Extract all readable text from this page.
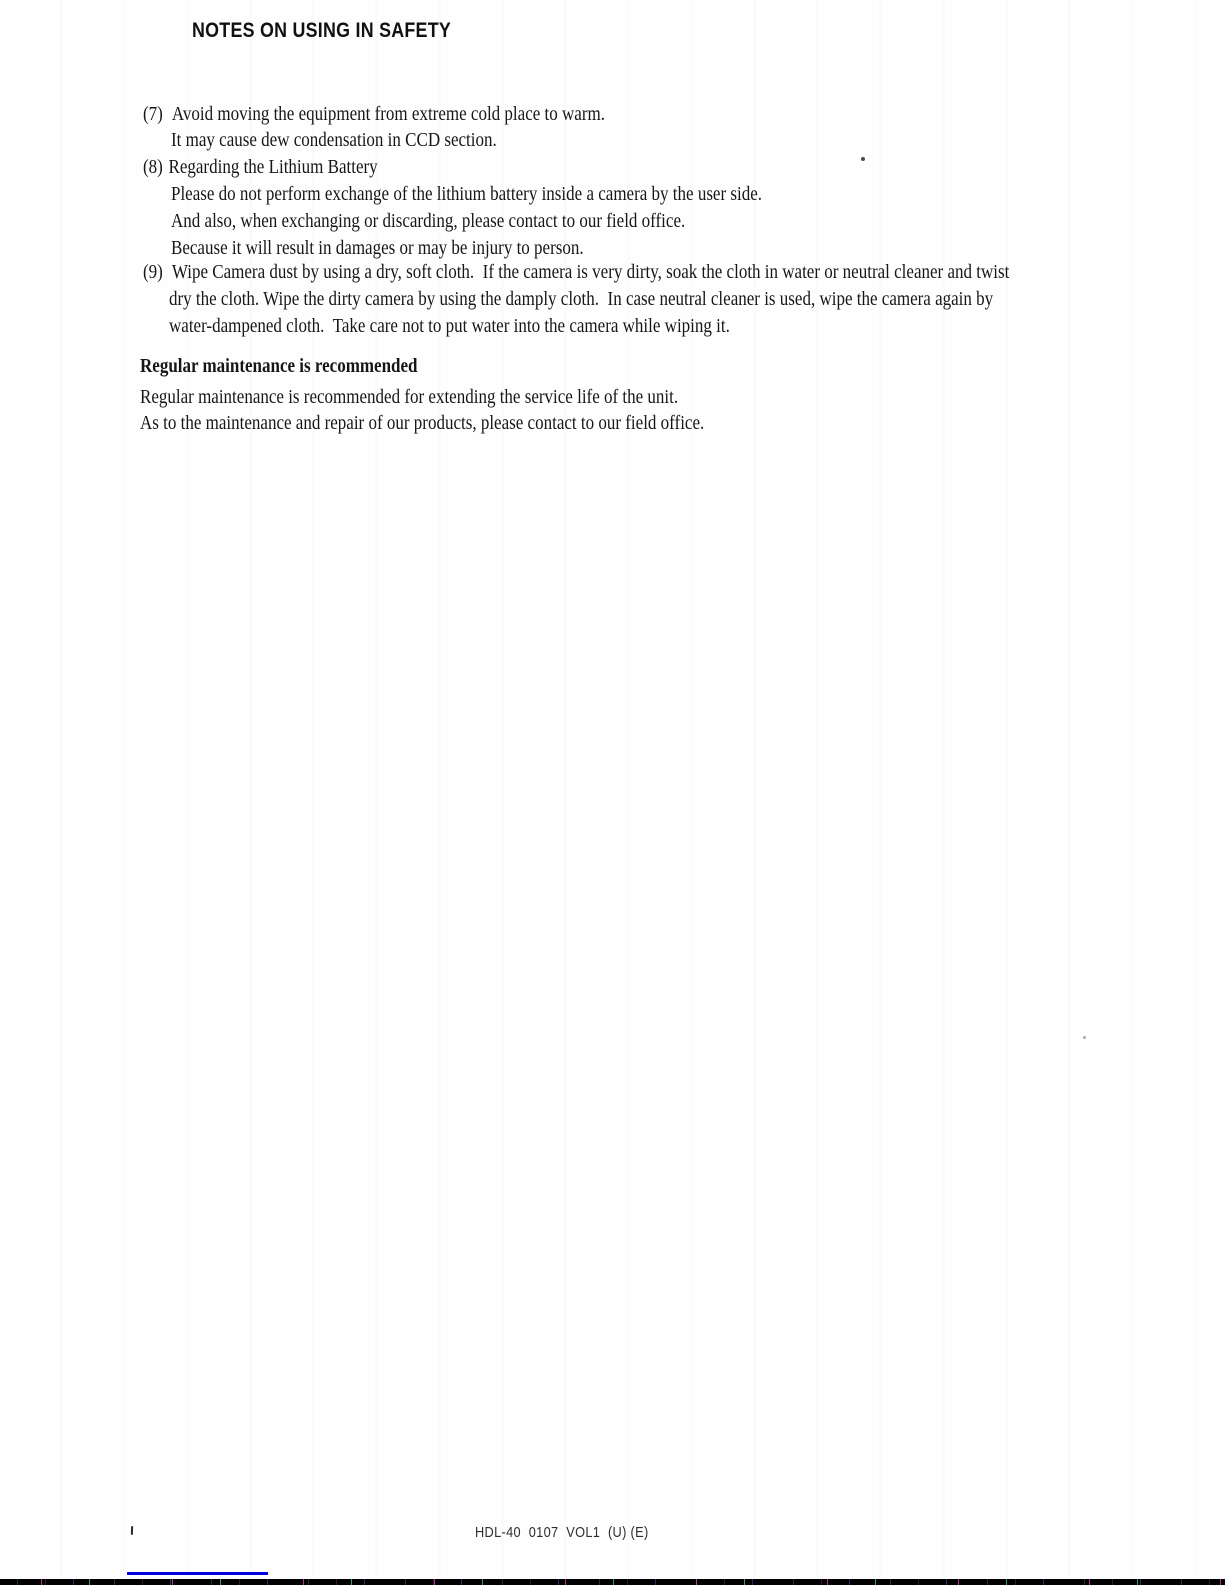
NOTES ON USING IN SAFETY
(7) Avoid moving the equipment from extreme cold place to warm.
It may cause dew condensation in CCD section.
(8) Regarding the Lithium Battery
Please do not perform exchange of the lithium battery inside a camera by the user side.
And also, when exchanging or discarding, please contact to our field office.
Because it will result in damages or may be injury to person.
(9) Wipe Camera dust by using a dry, soft cloth.  If the camera is very dirty, soak the cloth in water or neutral cleaner and twist
dry the cloth. Wipe the dirty camera by using the damply cloth.  In case neutral cleaner is used, wipe the camera again by
water-dampened cloth.  Take care not to put water into the camera while wiping it.
Regular maintenance is recommended
Regular maintenance is recommended for extending the service life of the unit.
As to the maintenance and repair of our products, please contact to our field office.
HDL-40  0107  VOL1  (U) (E)
